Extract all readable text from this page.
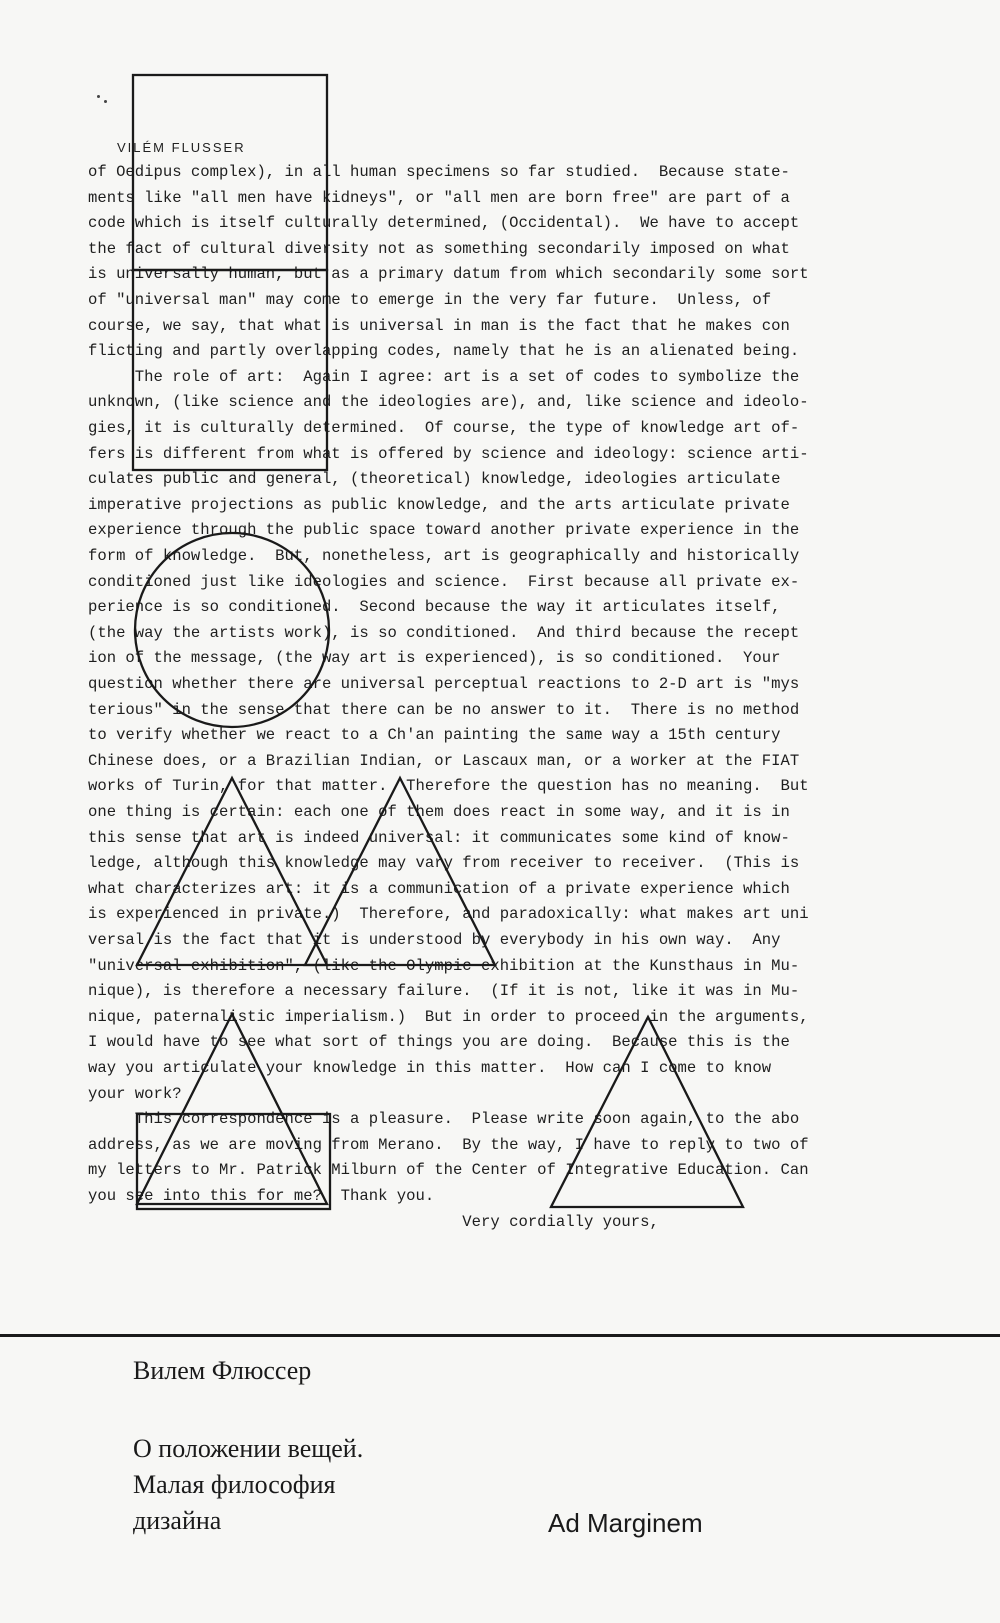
VILÉM FLUSSER
of Oedipus complex), in all human specimens so far studied.  Because state-
ments like "all men have kidneys", or "all men are born free" are part of a
code which is itself culturally determined, (Occidental).  We have to accept
the fact of cultural diversity not as something secondarily imposed on what
is universally human, but as a primary datum from which secondarily some sort
of "universal man" may come to emerge in the very far future.  Unless, of
course, we say, that what is universal in man is the fact that he makes con
flicting and partly overlapping codes, namely that he is an alienated being.
The role of art:  Again I agree: art is a set of codes to symbolize the
unknown, (like science and the ideologies are), and, like science and ideolo-
gies, it is culturally determined.  Of course, the type of knowledge art of-
fers is different from what is offered by science and ideology: science arti-
culates public and general, (theoretical) knowledge, ideologies articulate
imperative projections as public knowledge, and the arts articulate private
experience through the public space toward another private experience in the
form of knowledge.  But, nonetheless, art is geographically and historically
conditioned just like ideologies and science.  First because all private ex-
perience is so conditioned.  Second because the way it articulates itself,
(the way the artists work), is so conditioned.  And third because the recept
ion of the message, (the way art is experienced), is so conditioned.  Your
question whether there are universal perceptual reactions to 2-D art is "mys
terious" in the sense that there can be no answer to it.  There is no method
to verify whether we react to a Ch'an painting the same way a 15th century
Chinese does, or a Brazilian Indian, or Lascaux man, or a worker at the FIAT
works of Turin, for that matter.  Therefore the question has no meaning.  But
one thing is certain: each one of them does react in some way, and it is in
this sense that art is indeed universal: it communicates some kind of know-
ledge, although this knowledge may vary from receiver to receiver.  (This is
what characterizes art: it is a communication of a private experience which
is experienced in private.)  Therefore, and paradoxically: what makes art uni
versal is the fact that it is understood by everybody in his own way.  Any
"universal exhibition", (like the Olympic exhibition at the Kunsthaus in Mu-
nique), is therefore a necessary failure.  (If it is not, like it was in Mu-
nique, paternalistic imperialism.)  But in order to proceed in the arguments,
I would have to see what sort of things you are doing.  Because this is the
way you articulate your knowledge in this matter.  How can I come to know
your work?
This correspondence is a pleasure.  Please write soon again, to the abo
address, as we are moving from Merano.  By the way, I have to reply to two of
my letters to Mr. Patrick Milburn of the Center of Integrative Education. Can
you see into this for me?  Thank you.
Very cordially yours,
Вилем Флюссер
О положении вещей.
Малая философия
дизайна	Ad Marginem
